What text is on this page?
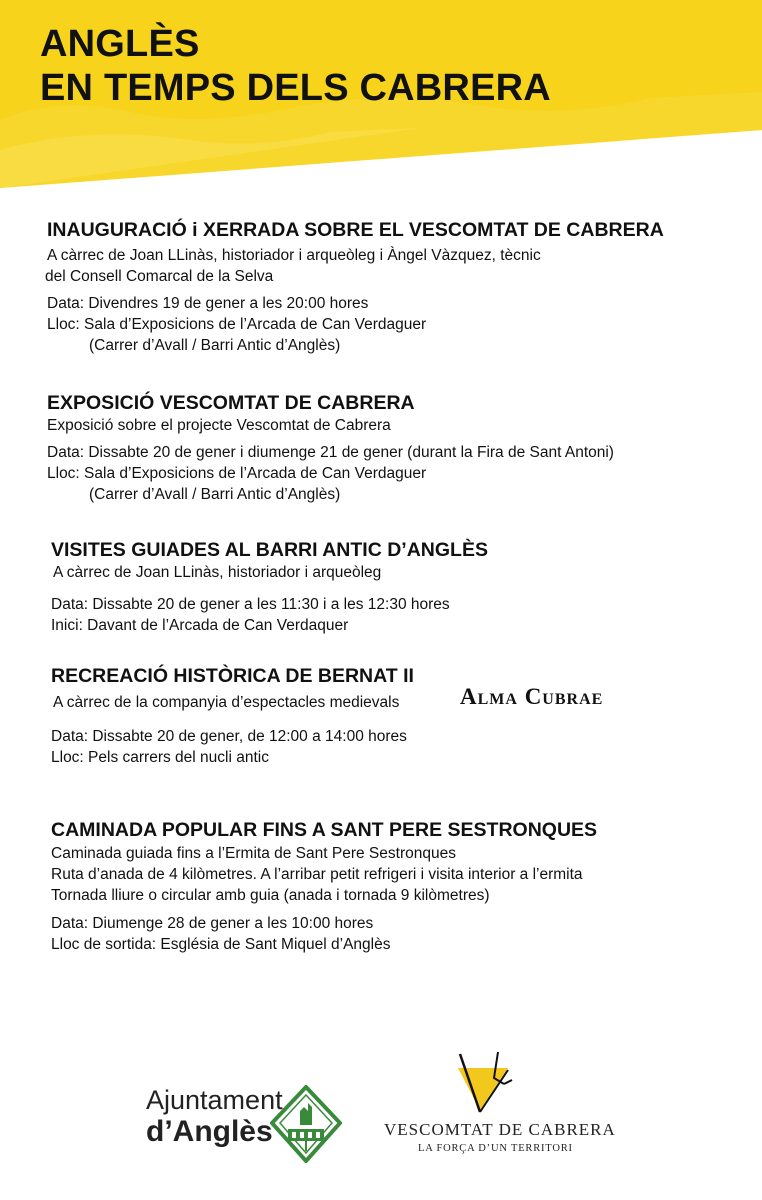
ANGLÈS
EN TEMPS DELS CABRERA
INAUGURACIÓ i XERRADA SOBRE EL VESCOMTAT DE CABRERA
A càrrec de Joan LLinàs, historiador i arqueòleg i Àngel Vàzquez, tècnic
del Consell Comarcal de la Selva
Data: Divendres 19 de gener a les 20:00 hores
Lloc: Sala d’Exposicions de l’Arcada de Can Verdaguer
(Carrer d’Avall / Barri Antic d’Anglès)
EXPOSICIÓ VESCOMTAT DE CABRERA
Exposició sobre el projecte Vescomtat de Cabrera
Data: Dissabte 20 de gener i diumenge 21 de gener (durant la Fira de Sant Antoni)
Lloc: Sala d’Exposicions de l’Arcada de Can Verdaguer
(Carrer d’Avall / Barri Antic d’Anglès)
VISITES GUIADES AL BARRI ANTIC D’ANGLÈS
A càrrec de Joan LLinàs, historiador i arqueòleg
Data: Dissabte 20 de gener a les 11:30 i a les 12:30 hores
Inici: Davant de l’Arcada de Can Verdaquer
RECREACIÓ HISTÒRICA DE BERNAT II
A càrrec de la companyia d’espectacles medievals
Data: Dissabte 20 de gener, de 12:00 a 14:00 hores
Lloc: Pels carrers del nucli antic
Alma Cubrae
CAMINADA POPULAR FINS A SANT PERE SESTRONQUES
Caminada guiada fins a l’Ermita de Sant Pere Sestronques
Ruta d’anada de 4 kilòmetres. A l’arribar petit refrigeri i visita interior a l’ermita
Tornada lliure o circular amb guia (anada i tornada 9 kilòmetres)
Data: Diumenge 28 de gener a les 10:00 hores
Lloc de sortida: Església de Sant Miquel d’Anglès
Ajuntament
d’Anglès	VESCOMTAT DE CABRERA
LA FORÇA D’UN TERRITORI
